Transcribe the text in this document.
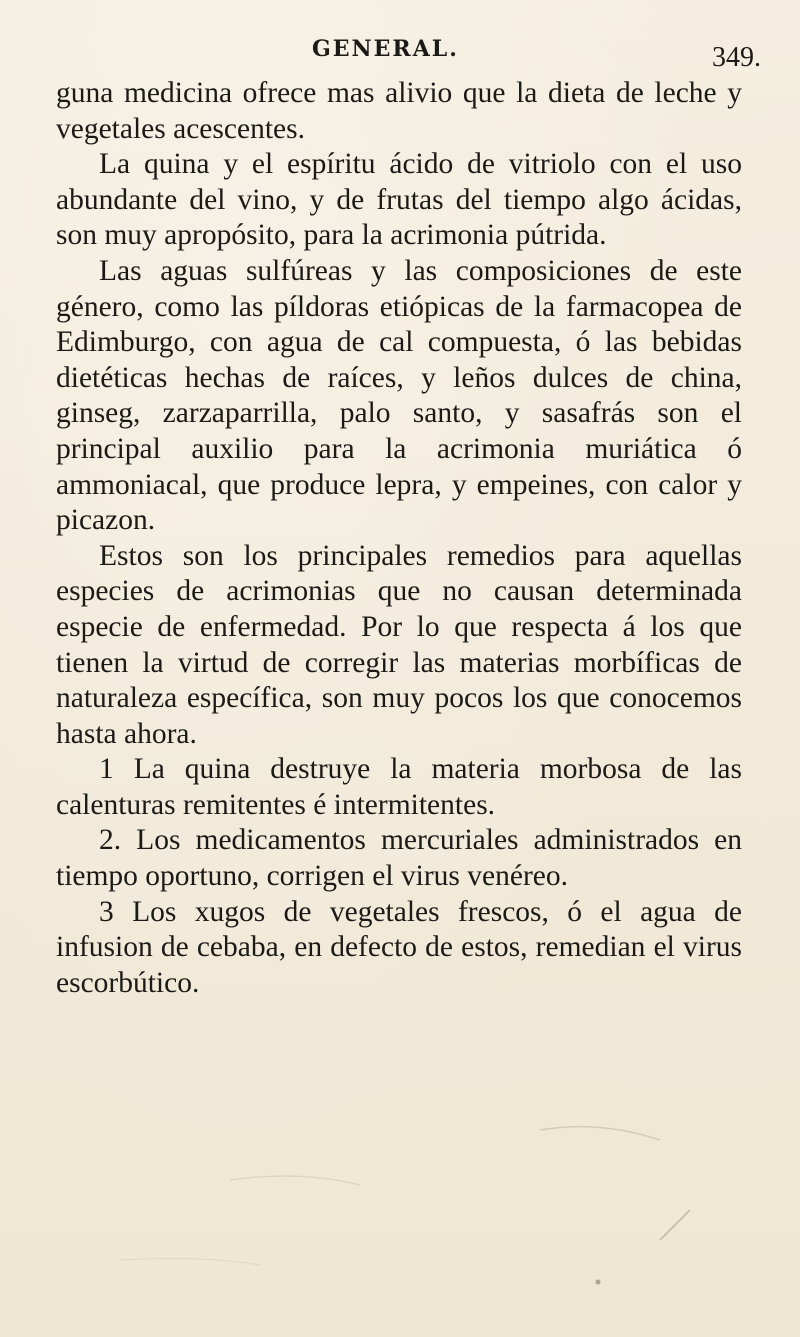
GENERAL.	349.

guna medicina ofrece mas alivio que la dieta de leche y vegetales acescentes.

La quina y el espíritu ácido de vitriolo con el uso abundante del vino, y de frutas del tiempo algo ácidas, son muy apropósito, para la acrimonia pútrida.

Las aguas sulfúreas y las composiciones de este género, como las píldoras etiópicas de la farmacopea de Edimburgo, con agua de cal compuesta, ó las bebidas dietéticas hechas de raíces, y leños dulces de china, ginseg, zarzaparrilla, palo santo, y sasafrás son el principal auxilio para la acrimonia muriática ó ammoniacal, que produce lepra, y empeines, con calor y picazon.

Estos son los principales remedios para aquellas especies de acrimonias que no causan determinada especie de enfermedad. Por lo que respecta á los que tienen la virtud de corregir las materias morbíficas de naturaleza específica, son muy pocos los que conocemos hasta ahora.

1 La quina destruye la materia morbosa de las calenturas remitentes é intermitentes.

2. Los medicamentos mercuriales administrados en tiempo oportuno, corrigen el virus venéreo.

3 Los xugos de vegetales frescos, ó el agua de infusion de cebaba, en defecto de estos, remedian el virus escorbútico.
